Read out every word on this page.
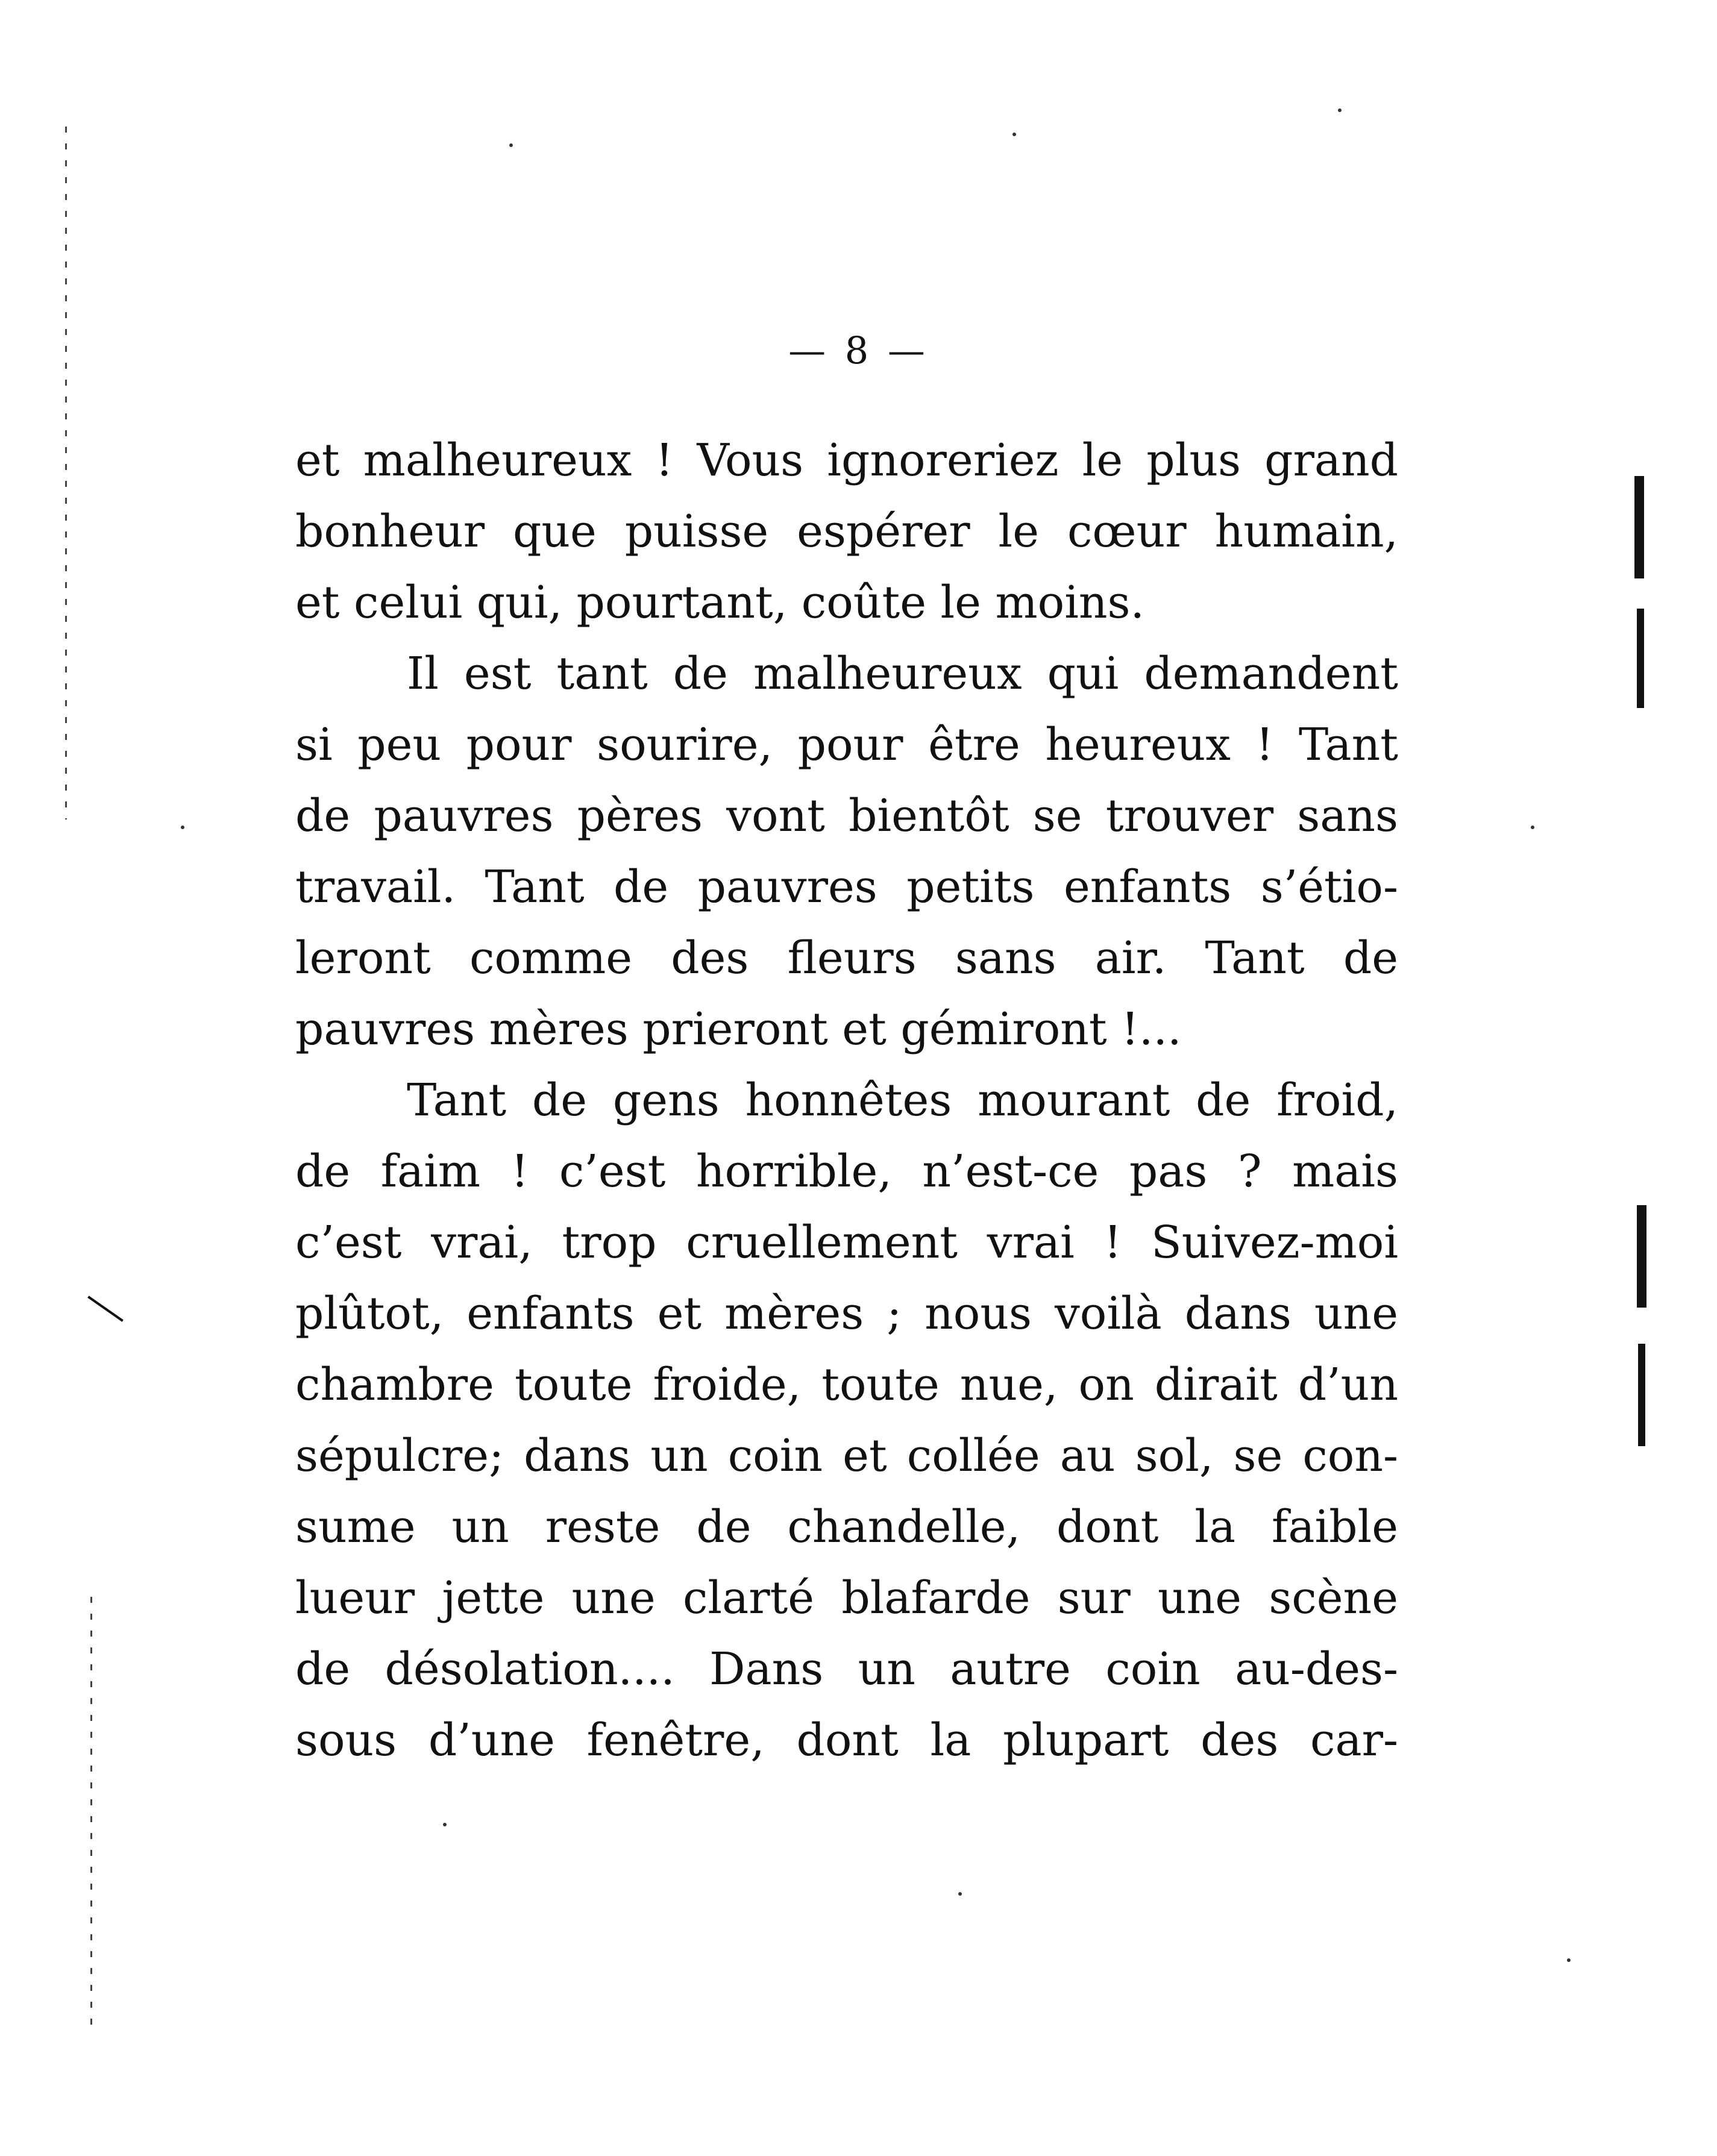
— 8 —
et malheureux ! Vous ignoreriez le plus grand
bonheur que puisse espérer le cœur humain,
et celui qui, pourtant, coûte le moins.
Il est tant de malheureux qui demandent
si peu pour sourire, pour être heureux ! Tant
de pauvres pères vont bientôt se trouver sans
travail. Tant de pauvres petits enfants s’étio-
leront comme des fleurs sans air. Tant de
pauvres mères prieront et gémiront !...
Tant de gens honnêtes mourant de froid,
de faim ! c’est horrible, n’est-ce pas ? mais
c’est vrai, trop cruellement vrai ! Suivez-moi
plûtot, enfants et mères ; nous voilà dans une
chambre toute froide, toute nue, on dirait d’un
sépulcre; dans un coin et collée au sol, se con-
sume un reste de chandelle, dont la faible
lueur jette une clarté blafarde sur une scène
de désolation.... Dans un autre coin au-des-
sous d’une fenêtre, dont la plupart des car-
